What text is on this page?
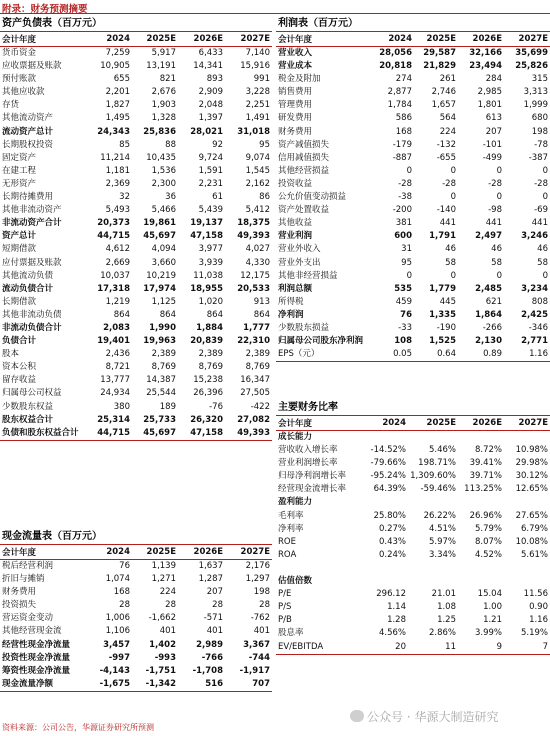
附录：财务预测摘要
资产负债表（百万元）
会计年度	2024	2025E	2026E	2027E
货币资金	7,259	5,917	6,433	7,140
应收票据及账款	10,905	13,191	14,341	15,916
预付账款	655	821	893	991
其他应收款	2,201	2,676	2,909	3,228
存货	1,827	1,903	2,048	2,251
其他流动资产	1,495	1,328	1,397	1,491
流动资产总计	24,343	25,836	28,021	31,018
长期股权投资	85	88	92	95
固定资产	11,214	10,435	9,724	9,074
在建工程	1,181	1,536	1,591	1,545
无形资产	2,369	2,300	2,231	2,162
长期待摊费用	32	36	61	86
其他非流动资产	5,493	5,466	5,439	5,412
非流动资产合计	20,373	19,861	19,137	18,375
资产总计	44,715	45,697	47,158	49,393
短期借款	4,612	4,094	3,977	4,027
应付票据及账款	2,669	3,660	3,939	4,330
其他流动负债	10,037	10,219	11,038	12,175
流动负债合计	17,318	17,974	18,955	20,533
长期借款	1,219	1,125	1,020	913
其他非流动负债	864	864	864	864
非流动负债合计	2,083	1,990	1,884	1,777
负债合计	19,401	19,963	20,839	22,310
股本	2,436	2,389	2,389	2,389
资本公积	8,721	8,769	8,769	8,769
留存收益	13,777	14,387	15,238	16,347
归属母公司权益	24,934	25,544	26,396	27,505
少数股东权益	380	189	-76	-422
股东权益合计	25,314	25,733	26,320	27,082
负债和股东权益合计	44,715	45,697	47,158	49,393
利润表（百万元）
会计年度	2024	2025E	2026E	2027E
营业收入	28,056	29,587	32,166	35,699
营业成本	20,818	21,829	23,494	25,826
税金及附加	274	261	284	315
销售费用	2,877	2,746	2,985	3,313
管理费用	1,784	1,657	1,801	1,999
研发费用	586	564	613	680
财务费用	168	224	207	198
资产减值损失	-179	-132	-101	-78
信用减值损失	-887	-655	-499	-387
其他经营损益	0	0	0	0
投资收益	-28	-28	-28	-28
公允价值变动损益	-38	0	0	0
资产处置收益	-200	-140	-98	-69
其他收益	381	441	441	441
营业利润	600	1,791	2,497	3,246
营业外收入	31	46	46	46
营业外支出	95	58	58	58
其他非经营损益	0	0	0	0
利润总额	535	1,779	2,485	3,234
所得税	459	445	621	808
净利润	76	1,335	1,864	2,425
少数股东损益	-33	-190	-266	-346
归属母公司股东净利润	108	1,525	2,130	2,771
EPS（元）	0.05	0.64	0.89	1.16
主要财务比率
会计年度	2024	2025E	2026E	2027E
成长能力				
营收收入增长率	-14.52%	5.46%	8.72%	10.98%
营业利润增长率	-79.66%	198.71%	39.41%	29.98%
归母净利润增长率	-95.24%	1,309.60%	39.71%	30.12%
经营现金流增长率	64.39%	-59.46%	113.25%	12.65%
盈利能力				
毛利率	25.80%	26.22%	26.96%	27.65%
净利率	0.27%	4.51%	5.79%	6.79%
ROE	0.43%	5.97%	8.07%	10.08%
ROA	0.24%	3.34%	4.52%	5.61%

估值倍数				
P/E	296.12	21.01	15.04	11.56
P/S	1.14	1.08	1.00	0.90
P/B	1.28	1.25	1.21	1.16
股息率	4.56%	2.86%	3.99%	5.19%
EV/EBITDA	20	11	9	7
现金流量表（百万元）
会计年度	2024	2025E	2026E	2027E
税后经营利润	76	1,139	1,637	2,176
折旧与摊销	1,074	1,271	1,287	1,297
财务费用	168	224	207	198
投资损失	28	28	28	28
营运资金变动	1,006	-1,662	-571	-762
其他经营现金流	1,106	401	401	401
经营性现金净流量	3,457	1,402	2,989	3,367
投资性现金净流量	-997	-993	-766	-744
筹资性现金净流量	-4,143	-1,751	-1,708	-1,917
现金流量净额	-1,675	-1,342	516	707
资料来源：公司公告，华源证券研究所预测
公众号 · 华源大制造研究
